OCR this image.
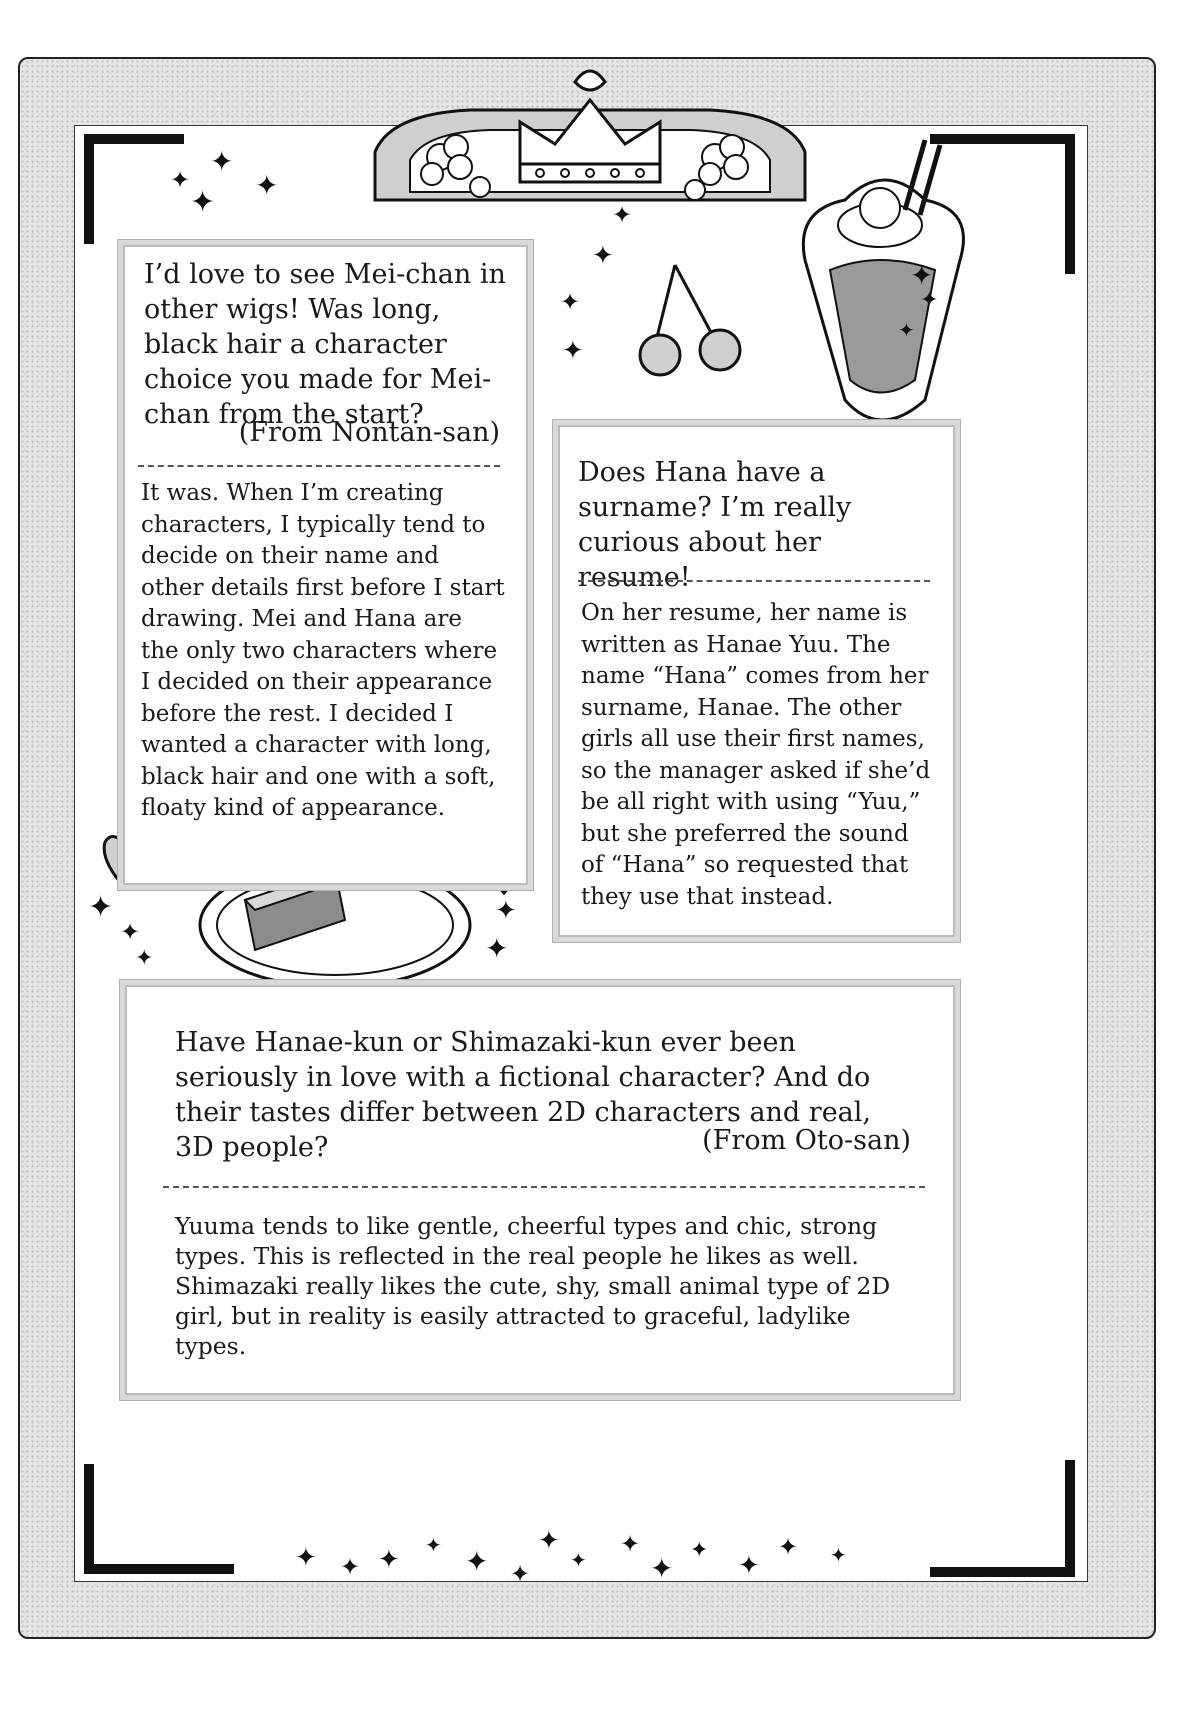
✦
✦
✦ ✦
✦
✦
✦
✦
✦
✦
✦
✦
✦
✦
✦
✦
✦ ✦ ✦ ✦ ✦ ✦
✦
✦
✦
✦
✦
✦
✦ ✦
I’d love to see Mei-chan in other wigs! Was long, black hair a character choice you made for Mei-chan from the start?
(From Nontan-san)
It was. When I’m creating characters, I typically tend to decide on their name and other details first before I start drawing. Mei and Hana are the only two characters where I decided on their appearance before the rest. I decided I wanted a character with long, black hair and one with a soft, floaty kind of appearance.
Does Hana have a surname? I’m really curious about her resume!
On her resume, her name is written as Hanae Yuu. The name “Hana” comes from her surname, Hanae. The other girls all use their first names, so the manager asked if she’d be all right with using “Yuu,” but she preferred the sound of “Hana” so requested that they use that instead.
Have Hanae-kun or Shimazaki-kun ever been seriously in love with a fictional character? And do their tastes differ between 2D characters and real, 3D people?	(From Oto-san)
Yuuma tends to like gentle, cheerful types and chic, strong types. This is reflected in the real people he likes as well. Shimazaki really likes the cute, shy, small animal type of 2D girl, but in reality is easily attracted to graceful, ladylike types.
